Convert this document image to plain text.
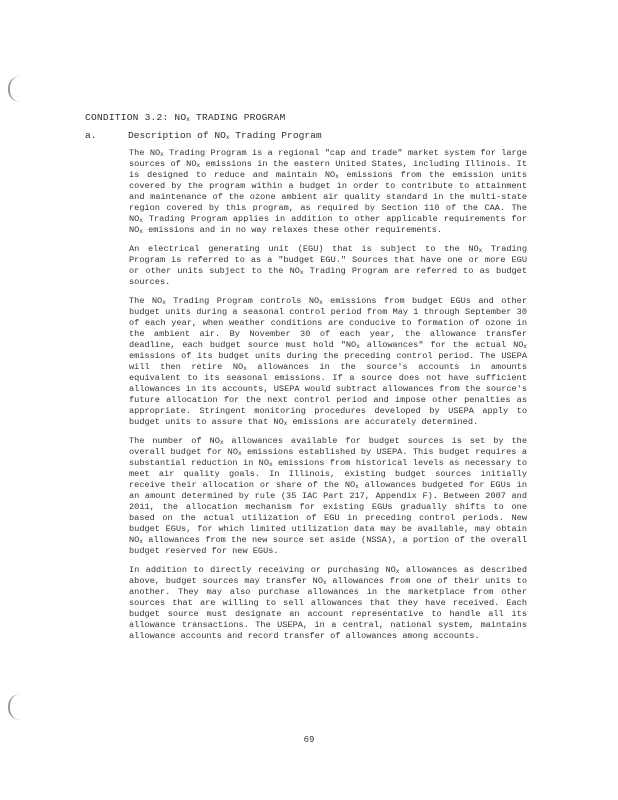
CONDITION 3.2: $NO_x$ TRADING PROGRAM
a.	Description of $NO_x$ Trading Program

The $NO_x$ Trading Program is a regional "cap and trade" market system for large sources of $NO_x$ emissions in the eastern United States, including Illinois. It is designed to reduce and maintain $NO_x$ emissions from the emission units covered by the program within a budget in order to contribute to attainment and maintenance of the ozone ambient air quality standard in the multi-state region covered by this program, as required by Section 110 of the CAA. The $NO_x$ Trading Program applies in addition to other applicable requirements for $NO_x$ emissions and in no way relaxes these other requirements.

An electrical generating unit (EGU) that is subject to the $NO_x$ Trading Program is referred to as a "budget EGU." Sources that have one or more EGU or other units subject to the $NO_x$ Trading Program are referred to as budget sources.

The $NO_x$ Trading Program controls $NO_x$ emissions from budget EGUs and other budget units during a seasonal control period from May 1 through September 30 of each year, when weather conditions are conducive to formation of ozone in the ambient air. By November 30 of each year, the allowance transfer deadline, each budget source must hold "$NO_x$ allowances" for the actual $NO_x$ emissions of its budget units during the preceding control period. The USEPA will then retire $NO_x$ allowances in the source's accounts in amounts equivalent to its seasonal emissions. If a source does not have sufficient allowances in its accounts, USEPA would subtract allowances from the source's future allocation for the next control period and impose other penalties as appropriate. Stringent monitoring procedures developed by USEPA apply to budget units to assure that $NO_x$ emissions are accurately determined.

The number of $NO_x$ allowances available for budget sources is set by the overall budget for $NO_x$ emissions established by USEPA. This budget requires a substantial reduction in $NO_x$ emissions from historical levels as necessary to meet air quality goals. In Illinois, existing budget sources initially receive their allocation or share of the $NO_x$ allowances budgeted for EGUs in an amount determined by rule (35 IAC Part 217, Appendix F). Between 2007 and 2011, the allocation mechanism for existing EGUs gradually shifts to one based on the actual utilization of EGU in preceding control periods. New budget EGUs, for which limited utilization data may be available, may obtain $NO_x$ allowances from the new source set aside (NSSA), a portion of the overall budget reserved for new EGUs.

In addition to directly receiving or purchasing $NO_x$ allowances as described above, budget sources may transfer $NO_x$ allowances from one of their units to another. They may also purchase allowances in the marketplace from other sources that are willing to sell allowances that they have received. Each budget source must designate an account representative to handle all its allowance transactions. The USEPA, in a central, national system, maintains allowance accounts and record transfer of allowances among accounts.

69
